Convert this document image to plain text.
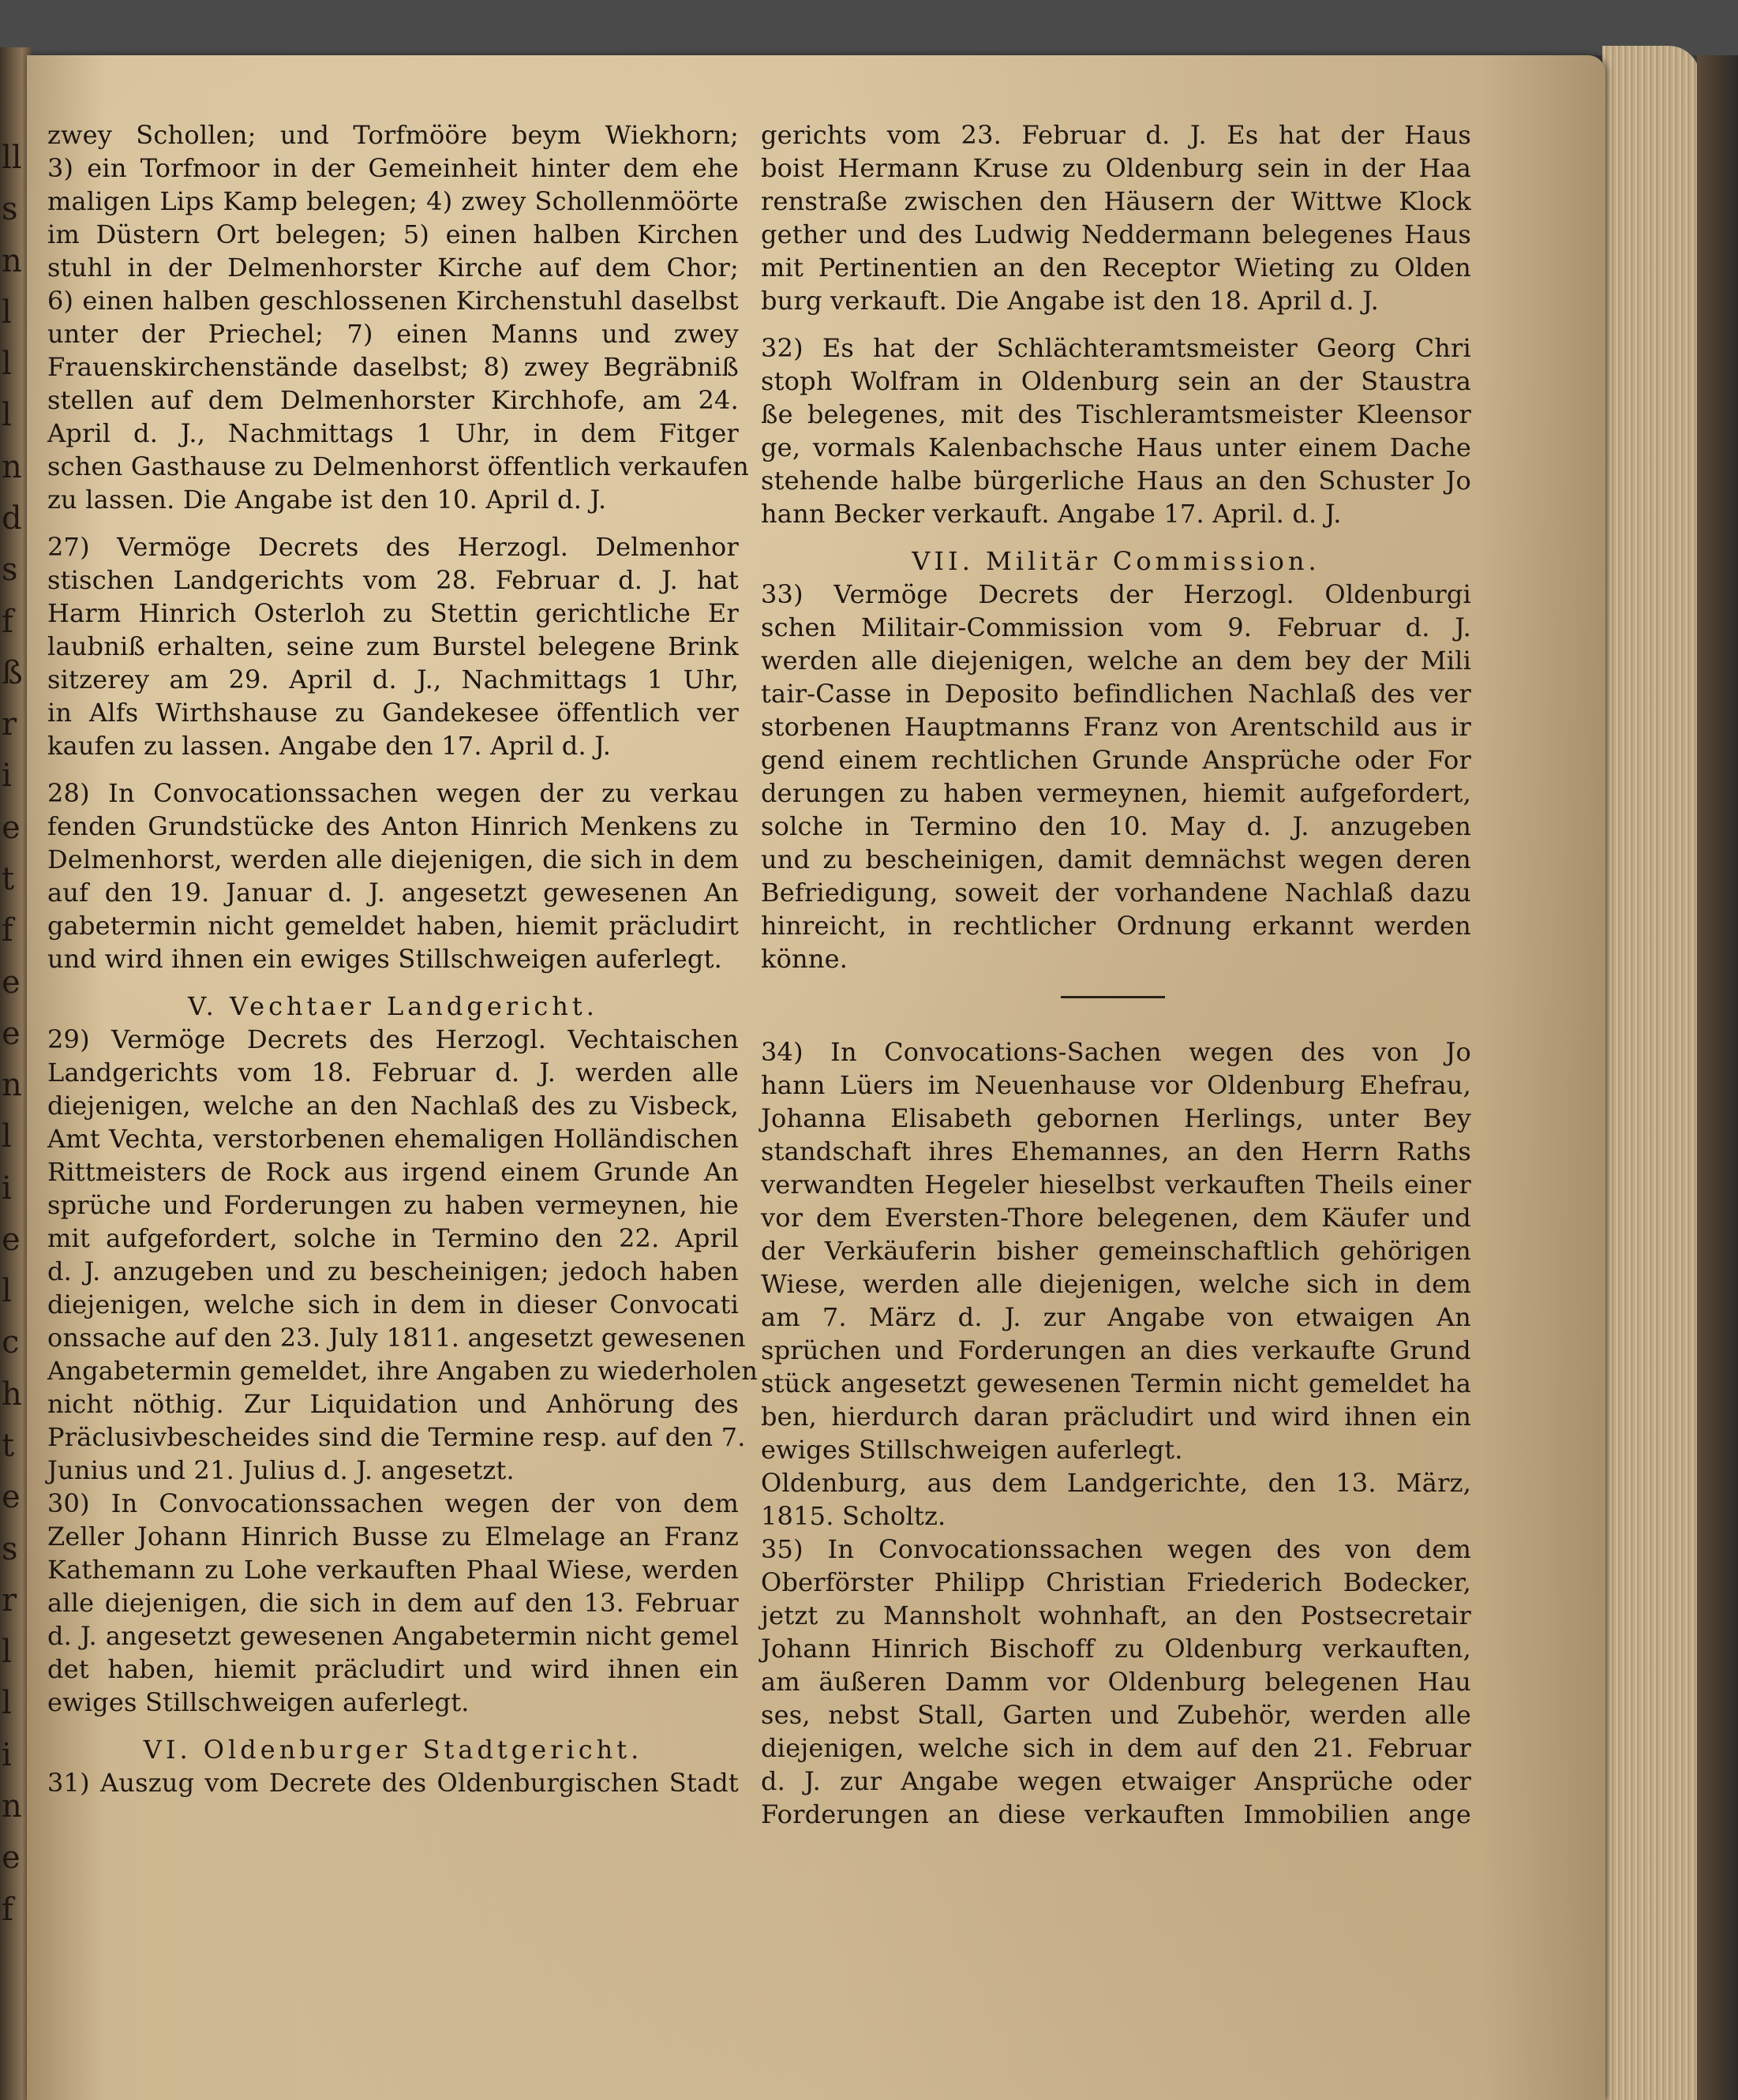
ll
s
n
l
l
l
n
d
s
f
ß
r
i
e
t
f
e
e
n
l
i
e
l
c
h
t
e
s
r
l
l
i
n
e
f
zwey Schollen; und Torfmööre beym Wiekhorn;
3) ein Torfmoor in der Gemeinheit hinter dem ehe
maligen Lips Kamp belegen; 4) zwey Schollenmöörte
im Düstern Ort belegen; 5) einen halben Kirchen
stuhl in der Delmenhorster Kirche auf dem Chor;
6) einen halben geschlossenen Kirchenstuhl daselbst
unter der Priechel; 7) einen Manns und zwey
Frauenskirchenstände daselbst; 8) zwey Begräbniß
stellen auf dem Delmenhorster Kirchhofe, am 24.
April d. J., Nachmittags 1 Uhr, in dem Fitger
schen Gasthause zu Delmenhorst öffentlich verkaufen
zu lassen. Die Angabe ist den 10. April d. J.
27) Vermöge Decrets des Herzogl. Delmenhor
stischen Landgerichts vom 28. Februar d. J. hat
Harm Hinrich Osterloh zu Stettin gerichtliche Er
laubniß erhalten, seine zum Burstel belegene Brink
sitzerey am 29. April d. J., Nachmittags 1 Uhr,
in Alfs Wirthshause zu Gandekesee öffentlich ver
kaufen zu lassen. Angabe den 17. April d. J.
28) In Convocationssachen wegen der zu verkau
fenden Grundstücke des Anton Hinrich Menkens zu
Delmenhorst, werden alle diejenigen, die sich in dem
auf den 19. Januar d. J. angesetzt gewesenen An
gabetermin nicht gemeldet haben, hiemit präcludirt
und wird ihnen ein ewiges Stillschweigen auferlegt.
V. Vechtaer Landgericht.
29) Vermöge Decrets des Herzogl. Vechtaischen
Landgerichts vom 18. Februar d. J. werden alle
diejenigen, welche an den Nachlaß des zu Visbeck,
Amt Vechta, verstorbenen ehemaligen Holländischen
Rittmeisters de Rock aus irgend einem Grunde An
sprüche und Forderungen zu haben vermeynen, hie
mit aufgefordert, solche in Termino den 22. April
d. J. anzugeben und zu bescheinigen; jedoch haben
diejenigen, welche sich in dem in dieser Convocati
onssache auf den 23. July 1811. angesetzt gewesenen
Angabetermin gemeldet, ihre Angaben zu wiederholen
nicht nöthig. Zur Liquidation und Anhörung des
Präclusivbescheides sind die Termine resp. auf den 7.
Junius und 21. Julius d. J. angesetzt.
30) In Convocationssachen wegen der von dem
Zeller Johann Hinrich Busse zu Elmelage an Franz
Kathemann zu Lohe verkauften Phaal Wiese, werden
alle diejenigen, die sich in dem auf den 13. Februar
d. J. angesetzt gewesenen Angabetermin nicht gemel
det haben, hiemit präcludirt und wird ihnen ein
ewiges Stillschweigen auferlegt.
VI. Oldenburger Stadtgericht.
31) Auszug vom Decrete des Oldenburgischen Stadt
gerichts vom 23. Februar d. J. Es hat der Haus
boist Hermann Kruse zu Oldenburg sein in der Haa
renstraße zwischen den Häusern der Wittwe Klock
gether und des Ludwig Neddermann belegenes Haus
mit Pertinentien an den Receptor Wieting zu Olden
burg verkauft. Die Angabe ist den 18. April d. J.
32) Es hat der Schlächteramtsmeister Georg Chri
stoph Wolfram in Oldenburg sein an der Staustra
ße belegenes, mit des Tischleramtsmeister Kleensor
ge, vormals Kalenbachsche Haus unter einem Dache
stehende halbe bürgerliche Haus an den Schuster Jo
hann Becker verkauft. Angabe 17. April. d. J.
VII. Militär Commission.
33) Vermöge Decrets der Herzogl. Oldenburgi
schen Militair-Commission vom 9. Februar d. J.
werden alle diejenigen, welche an dem bey der Mili
tair-Casse in Deposito befindlichen Nachlaß des ver
storbenen Hauptmanns Franz von Arentschild aus ir
gend einem rechtlichen Grunde Ansprüche oder For
derungen zu haben vermeynen, hiemit aufgefordert,
solche in Termino den 10. May d. J. anzugeben
und zu bescheinigen, damit demnächst wegen deren
Befriedigung, soweit der vorhandene Nachlaß dazu
hinreicht, in rechtlicher Ordnung erkannt werden
könne.
34) In Convocations-Sachen wegen des von Jo
hann Lüers im Neuenhause vor Oldenburg Ehefrau,
Johanna Elisabeth gebornen Herlings, unter Bey
standschaft ihres Ehemannes, an den Herrn Raths
verwandten Hegeler hieselbst verkauften Theils einer
vor dem Eversten-Thore belegenen, dem Käufer und
der Verkäuferin bisher gemeinschaftlich gehörigen
Wiese, werden alle diejenigen, welche sich in dem
am 7. März d. J. zur Angabe von etwaigen An
sprüchen und Forderungen an dies verkaufte Grund
stück angesetzt gewesenen Termin nicht gemeldet ha
ben, hierdurch daran präcludirt und wird ihnen ein
ewiges Stillschweigen auferlegt.
Oldenburg, aus dem Landgerichte, den 13. März,
1815. Scholtz.
35) In Convocationssachen wegen des von dem
Oberförster Philipp Christian Friederich Bodecker,
jetzt zu Mannsholt wohnhaft, an den Postsecretair
Johann Hinrich Bischoff zu Oldenburg verkauften,
am äußeren Damm vor Oldenburg belegenen Hau
ses, nebst Stall, Garten und Zubehör, werden alle
diejenigen, welche sich in dem auf den 21. Februar
d. J. zur Angabe wegen etwaiger Ansprüche oder
Forderungen an diese verkauften Immobilien ange
